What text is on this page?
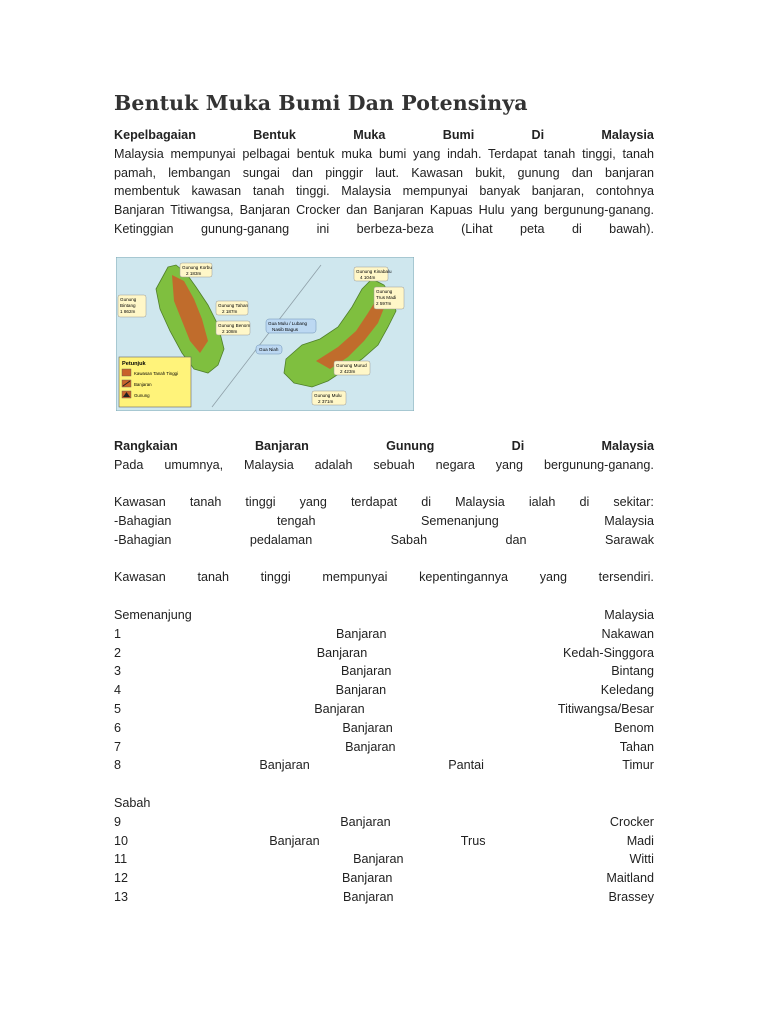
Bentuk Muka Bumi Dan Potensinya
Kepelbagaian	Bentuk	Muka	Bumi	Di	Malaysia

Malaysia mempunyai pelbagai bentuk muka bumi yang indah. Terdapat tanah tinggi, tanah

pamah, lembangan sungai dan pinggir laut. Kawasan bukit, gunung dan banjaran

membentuk kawasan tanah tinggi. Malaysia mempunyai banyak banjaran, contohnya

Banjaran Titiwangsa, Banjaran Crocker dan Banjaran Kapuas Hulu yang bergunung-ganang.

Ketinggian gunung-ganang ini berbeza-beza (Lihat peta di bawah).

Gunung Korbu
2 183m
Gunung
Bintang
1 862m
Gunung Tahan
2 187m
Gunung Benom
2 108m
Gua Mulu / Lubang
Nasib Bagus
Gua Niah
Gunung Kinabalu
4 104m
Gunung
Trus Madi
2 597m
Gunung Murud
2 423m
Gunung Mulu
2 371m
Petunjuk
Kawasan Tanah Tinggi
Banjaran
Gunung
Rangkaian	Banjaran	Gunung	Di	Malaysia
Pada umumnya, Malaysia adalah sebuah negara yang bergunung-ganang.
Kawasan tanah tinggi yang terdapat di Malaysia ialah di sekitar:
-Bahagian	tengah	Semenanjung	Malaysia
-Bahagian	pedalaman	Sabah	dan	Sarawak
Kawasan	tanah	tinggi	mempunyai	kepentingannya	yang	tersendiri.
Semenanjung	Malaysia
1	Banjaran	Nakawan
2	Banjaran	Kedah-Singgora
3	Banjaran	Bintang
4	Banjaran	Keledang
5	Banjaran	Titiwangsa/Besar
6	Banjaran	Benom
7	Banjaran	Tahan
8	Banjaran	Pantai	Timur
Sabah
9	Banjaran	Crocker
10	Banjaran	Trus	Madi
11	Banjaran	Witti
12	Banjaran	Maitland
13	Banjaran	Brassey
